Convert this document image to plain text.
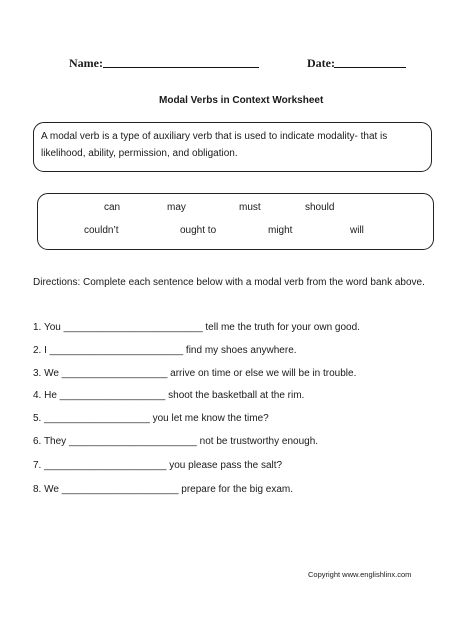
Name:	Date:
Modal Verbs in Context Worksheet
A modal verb is a type of auxiliary verb that is used to indicate modality- that is likelihood, ability, permission, and obligation.
can	may	must	should
couldn’t	ought to	might	will
Directions: Complete each sentence below with a modal verb from the word bank above.
1. You _________________________ tell me the truth for your own good.
2. I ________________________ find my shoes anywhere.
3. We ___________________ arrive on time or else we will be in trouble.
4. He ___________________ shoot the basketball at the rim.
5. ___________________ you let me know the time?
6. They _______________________ not be trustworthy enough.
7. ______________________ you please pass the salt?
8. We _____________________ prepare for the big exam.
Copyright www.englishlinx.com
